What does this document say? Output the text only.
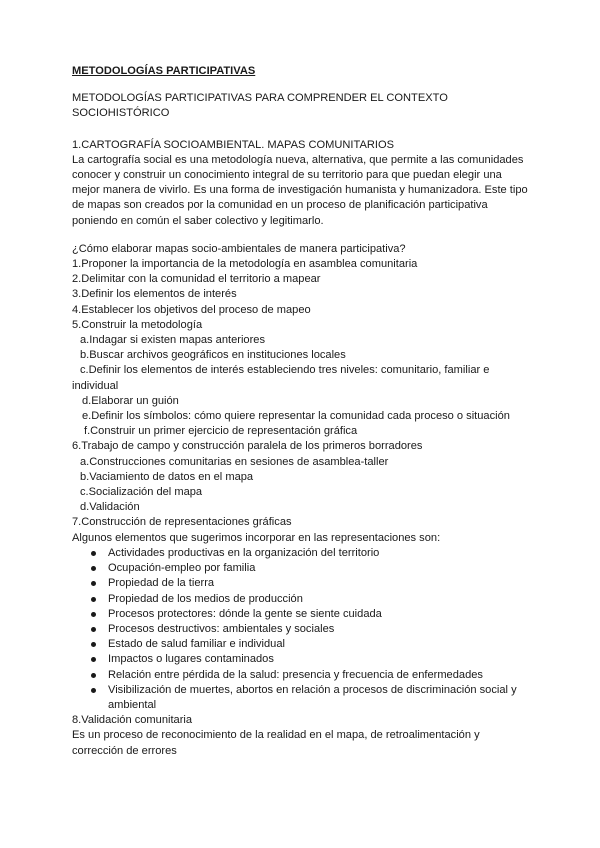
METODOLOGÍAS PARTICIPATIVAS

METODOLOGÍAS PARTICIPATIVAS PARA COMPRENDER EL CONTEXTO SOCIOHISTÓRICO

1.CARTOGRAFÍA SOCIOAMBIENTAL. MAPAS COMUNITARIOS

La cartografía social es una metodología nueva, alternativa, que permite a las comunidades conocer y construir un conocimiento integral de su territorio para que puedan elegir una mejor manera de vivirlo. Es una forma de investigación humanista y humanizadora. Este tipo de mapas son creados por la comunidad en un proceso de planificación participativa poniendo en común el saber colectivo y legitimarlo.

¿Cómo elaborar mapas socio-ambientales de manera participativa?

1.Proponer la importancia de la metodología en asamblea comunitaria

2.Delimitar con la comunidad el territorio a mapear

3.Definir los elementos de interés

4.Establecer los objetivos del proceso de mapeo

5.Construir la metodología

a.Indagar si existen mapas anteriores

b.Buscar archivos geográficos en instituciones locales

c.Definir los elementos de interés estableciendo tres niveles: comunitario, familiar e individual

d.Elaborar un guión

e.Definir los símbolos: cómo quiere representar la comunidad cada proceso o situación

f.Construir un primer ejercicio de representación gráfica

6.Trabajo de campo y construcción paralela de los primeros borradores

a.Construcciones comunitarias en sesiones de asamblea-taller

b.Vaciamiento de datos en el mapa

c.Socialización del mapa

d.Validación

7.Construcción de representaciones gráficas

Algunos elementos que sugerimos incorporar en las representaciones son:

Actividades productivas en la organización del territorio
Ocupación-empleo por familia
Propiedad de la tierra
Propiedad de los medios de producción
Procesos protectores: dónde la gente se siente cuidada
Procesos destructivos: ambientales y sociales
Estado de salud familiar e individual
Impactos o lugares contaminados
Relación entre pérdida de la salud: presencia y frecuencia de enfermedades
Visibilización de muertes, abortos en relación a procesos de discriminación social y ambiental

8.Validación comunitaria

Es un proceso de reconocimiento de la realidad en el mapa, de retroalimentación y corrección de errores
